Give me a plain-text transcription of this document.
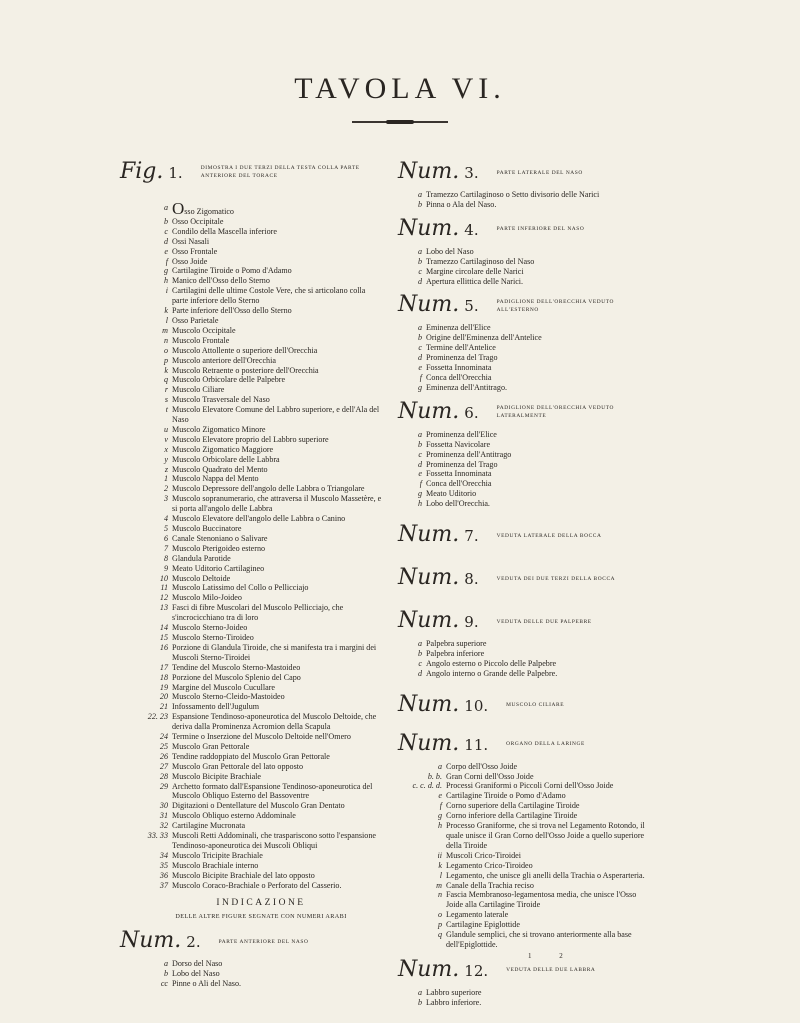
TAVOLA VI.
Fig. 1.	DIMOSTRA I DUE TERZI DELLA TESTA COLLA PARTE ANTERIORE DEL TORACE
a Osso Zigomatico
b Osso Occipitale
c Condilo della Mascella inferiore
d Ossi Nasali
e Osso Frontale
f Osso Joide
g Cartilagine Tiroide o Pomo d'Adamo
h Manico dell'Osso dello Sterno
i Cartilagini delle ultime Costole Vere, che si articolano colla parte inferiore dello Sterno
k Parte inferiore dell'Osso dello Sterno
l Osso Parietale
m Muscolo Occipitale
n Muscolo Frontale
o Muscolo Attollente o superiore dell'Orecchia
p Muscolo anteriore dell'Orecchia
k Muscolo Retraente o posteriore dell'Orecchia
q Muscolo Orbicolare delle Palpebre
r Muscolo Ciliare
s Muscolo Trasversale del Naso
t Muscolo Elevatore Comune del Labbro superiore, e dell'Ala del Naso
u Muscolo Zigomatico Minore
v Muscolo Elevatore proprio del Labbro superiore
x Muscolo Zigomatico Maggiore
y Muscolo Orbicolare delle Labbra
z Muscolo Quadrato del Mento
1 Muscolo Nappa del Mento
2 Muscolo Depressore dell'angolo delle Labbra o Triangolare
3 Muscolo sopranumerario, che attraversa il Muscolo Massetère, e si porta all'angolo delle Labbra
4 Muscolo Elevatore dell'angolo delle Labbra o Canino
5 Muscolo Buccinatore
6 Canale Stenoniano o Salivare
7 Muscolo Pterigoideo esterno
8 Glandula Parotide
9 Meato Uditorio Cartilagineo
10 Muscolo Deltoide
11 Muscolo Latissimo del Collo o Pellicciajo
12 Muscolo Milo-Joideo
13 Fasci di fibre Muscolari del Muscolo Pellicciajo, che s'incrocicchiano tra di loro
14 Muscolo Sterno-Joideo
15 Muscolo Sterno-Tiroideo
16 Porzione di Glandula Tiroide, che si manifesta tra i margini dei Muscoli Sterno-Tiroidei
17 Tendine del Muscolo Sterno-Mastoideo
18 Porzione del Muscolo Splenio del Capo
19 Margine del Muscolo Cucullare
20 Muscolo Sterno-Cleido-Mastoideo
21 Infossamento dell'Jugulum
22. 23 Espansione Tendinoso-aponeurotica del Muscolo Deltoide, che deriva dalla Prominenza Acromion della Scapula
24 Termine o Inserzione del Muscolo Deltoide nell'Omero
25 Muscolo Gran Pettorale
26 Tendine raddoppiato del Muscolo Gran Pettorale
27 Muscolo Gran Pettorale del lato opposto
28 Muscolo Bicipite Brachiale
29 Archetto formato dall'Espansione Tendinoso-aponeurotica del Muscolo Obliquo Esterno del Bassoventre
30 Digitazioni o Dentellature del Muscolo Gran Dentato
31 Muscolo Obliquo esterno Addominale
32 Cartilagine Mucronata
33. 33 Muscoli Retti Addominali, che traspariscono sotto l'espansione Tendinoso-aponeurotica dei Muscoli Obliqui
34 Muscolo Tricipite Brachiale
35 Muscolo Brachiale interno
36 Muscolo Bicipite Brachiale del lato opposto
37 Muscolo Coraco-Brachiale o Perforato del Casserio.
INDICAZIONE
DELLE ALTRE FIGURE SEGNATE CON NUMERI ARABI
Num. 2.	PARTE ANTERIORE DEL NASO
a Dorso del Naso
b Lobo del Naso
cc Pinne o Ali del Naso.
Num. 3.	PARTE LATERALE DEL NASO
a Tramezzo Cartilaginoso o Setto divisorio delle Narici
b Pinna o Ala del Naso.
Num. 4.	PARTE INFERIORE DEL NASO
a Lobo del Naso
b Tramezzo Cartilaginoso del Naso
c Margine circolare delle Narici
d Apertura ellittica delle Narici.
Num. 5.	PADIGLIONE DELL'ORECCHIA VEDUTO ALL'ESTERNO
a Eminenza dell'Elice
b Origine dell'Eminenza dell'Antelice
c Termine dell'Antelice
d Prominenza del Trago
e Fossetta Innominata
f Conca dell'Orecchia
g Eminenza dell'Antitrago.
Num. 6.	PADIGLIONE DELL'ORECCHIA VEDUTO LATERALMENTE
a Prominenza dell'Elice
b Fossetta Navicolare
c Prominenza dell'Antitrago
d Prominenza del Trago
e Fossetta Innominata
f Conca dell'Orecchia
g Meato Uditorio
h Lobo dell'Orecchia.
Num. 7.	VEDUTA LATERALE DELLA BOCCA
Num. 8.	VEDUTA DEI DUE TERZI DELLA BOCCA
Num. 9.	VEDUTA DELLE DUE PALPEBRE
a Palpebra superiore
b Palpebra inferiore
c Angolo esterno o Piccolo delle Palpebre
d Angolo interno o Grande delle Palpebre.
Num. 10.	MUSCOLO CILIARE
Num. 11.	ORGANO DELLA LARINGE
a Corpo dell'Osso Joide
b. b. Gran Corni dell'Osso Joide
c. c. d. d. Processi Graniformi o Piccoli Corni dell'Osso Joide
e Cartilagine Tiroide o Pomo d'Adamo
f Corno superiore della Cartilagine Tiroide
g Corno inferiore della Cartilagine Tiroide
h Processo Graniforme, che si trova nel Legamento Rotondo, il quale unisce il Gran Corno dell'Osso Joide a quello superiore della Tiroide
ii Muscoli Crico-Tiroidei
k Legamento Crico-Tiroideo
l Legamento, che unisce gli anelli della Trachia o Asperarteria.
m Canale della Trachia reciso
n Fascia Membranoso-legamentosa media, che unisce l'Osso Joide alla Cartilagine Tiroide
o Legamento laterale
p Cartilagine Epiglottide
q Glandule semplici, che si trovano anteriormente alla base dell'Epiglottide.
Num. 12.	VEDUTA DELLE DUE LABBRA
a Labbro superiore
b Labbro inferiore.
1	2
